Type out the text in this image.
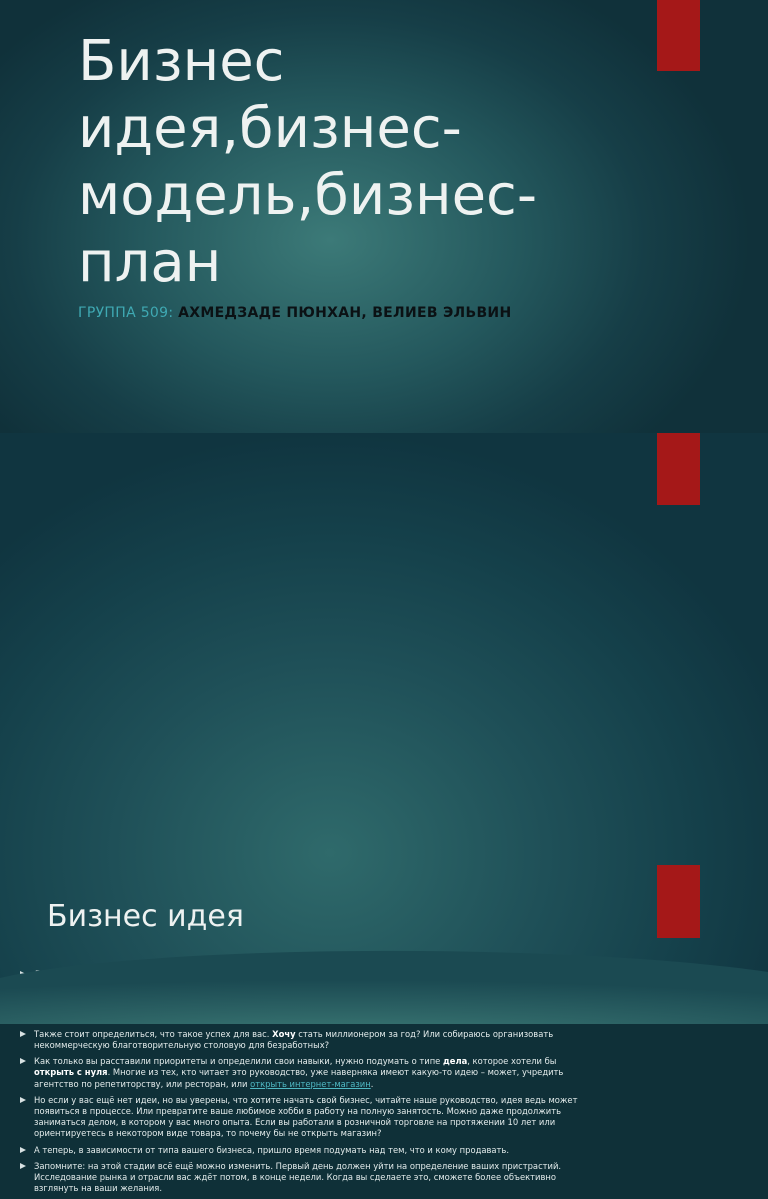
Бизнес идея,бизнес-модель,бизнес-план

ГРУППА 509: АХМЕДЗАДЕ ПЮНХАН, ВЕЛИЕВ ЭЛЬВИН

Бизнес идея
Также стоит определиться, что такое успех для вас. Хочу стать миллионером за год? Или собираюсь организовать некоммерческую благотворительную столовую для безработных?
Как только вы расставили приоритеты и определили свои навыки, нужно подумать о типе дела, которое хотели бы открыть с нуля. Многие из тех, кто читает это руководство, уже наверняка имеют какую-то идею – может, учредить агентство по репетиторству, или ресторан, или открыть интернет-магазин.
Но если у вас ещё нет идеи, но вы уверены, что хотите начать свой бизнес, читайте наше руководство, идея ведь может появиться в процессе. Или превратите ваше любимое хобби в работу на полную занятость. Можно даже продолжить заниматься делом, в котором у вас много опыта. Если вы работали в розничной торговле на протяжении 10 лет или ориентируетесь в некотором виде товара, то почему бы не открыть магазин?
А теперь, в зависимости от типа вашего бизнеса, пришло время подумать над тем, что и кому продавать.
Запомните: на этой стадии всё ещё можно изменить. Первый день должен уйти на определение ваших пристрастий. Исследование рынка и отрасли вас ждёт потом, в конце недели. Когда вы сделаете это, сможете более объективно взглянуть на ваши желания.
